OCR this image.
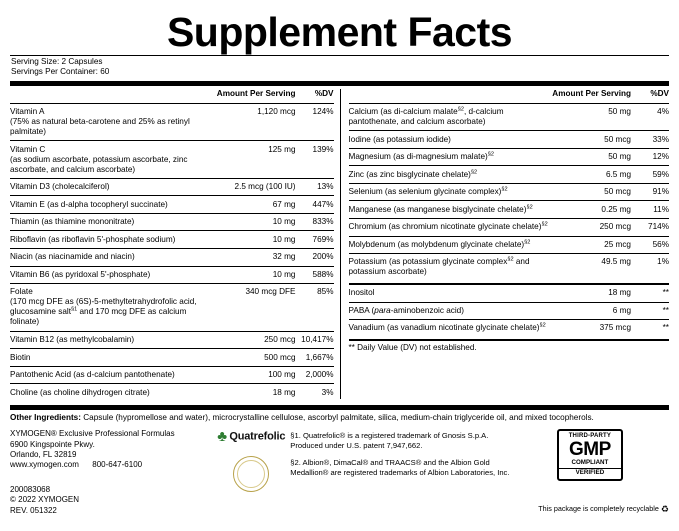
Supplement Facts
Serving Size: 2 Capsules
Servings Per Container: 60
	Amount Per Serving	%DV

Vitamin A
(75% as natural beta-carotene and 25% as retinyl palmitate)	1,120 mcg	124%

Vitamin C
(as sodium ascorbate, potassium ascorbate, zinc ascorbate, and calcium ascorbate)	125 mg	139%

Vitamin D3 (cholecalciferol)	2.5 mcg (100 IU)	13%

Vitamin E (as d-alpha tocopheryl succinate)	67 mg	447%

Thiamin (as thiamine mononitrate)	10 mg	833%

Riboflavin (as riboflavin 5'-phosphate sodium)	10 mg	769%

Niacin (as niacinamide and niacin)	32 mg	200%

Vitamin B6 (as pyridoxal 5'-phosphate)	10 mg	588%

Folate
(170 mcg DFE as (6S)-5-methyltetrahydrofolic acid, glucosamine salt$^{\S 1}$ and 170 mcg DFE as calcium folinate)	340 mcg DFE	85%

Vitamin B12 (as methylcobalamin)	250 mcg	10,417%

Biotin	500 mcg	1,667%

Pantothenic Acid (as d-calcium pantothenate)	100 mg	2,000%

Choline (as choline dihydrogen citrate)	18 mg	3%
	Amount Per Serving	%DV

Calcium (as di-calcium malate$^{\S 2}$, d-calcium pantothenate, and calcium ascorbate)	50 mg	4%

Iodine (as potassium iodide)	50 mcg	33%

Magnesium (as di-magnesium malate)$^{\S 2}$	50 mg	12%

Zinc (as zinc bisglycinate chelate)$^{\S 2}$	6.5 mg	59%

Selenium (as selenium glycinate complex)$^{\S 2}$	50 mcg	91%

Manganese (as manganese bisglycinate chelate)$^{\S 2}$	0.25 mg	11%

Chromium (as chromium nicotinate glycinate chelate)$^{\S 2}$	250 mcg	714%

Molybdenum (as molybdenum glycinate chelate)$^{\S 2}$	25 mcg	56%

Potassium (as potassium glycinate complex$^{\S 2}$ and potassium ascorbate)	49.5 mg	1%
Inositol	18 mg	**

PABA (para-aminobenzoic acid)	6 mg	**

Vanadium (as vanadium nicotinate glycinate chelate)$^{\S 2}$	375 mcg	**
** Daily Value (DV) not established.
Other Ingredients: Capsule (hypromellose and water), microcrystalline cellulose, ascorbyl palmitate, silica, medium-chain triglyceride oil, and mixed tocopherols.
XYMOGEN® Exclusive Professional Formulas
6900 Kingspointe Pkwy.
Orlando, FL 32819
www.xymogen.com 800-647-6100
200083068
© 2022 XYMOGEN
REV. 051322
♣ Quatrefolic §1. Quatrefolic® is a registered trademark of Gnosis S.p.A. Produced under U.S. patent 7,947,662.
§2. Albion®, DimaCal® and TRAACS® and the Albion Gold Medallion® are registered trademarks of Albion Laboratories, Inc.
THIRD-PARTY
GMP
COMPLIANT
VERIFIED
This package is completely recyclable ♻
